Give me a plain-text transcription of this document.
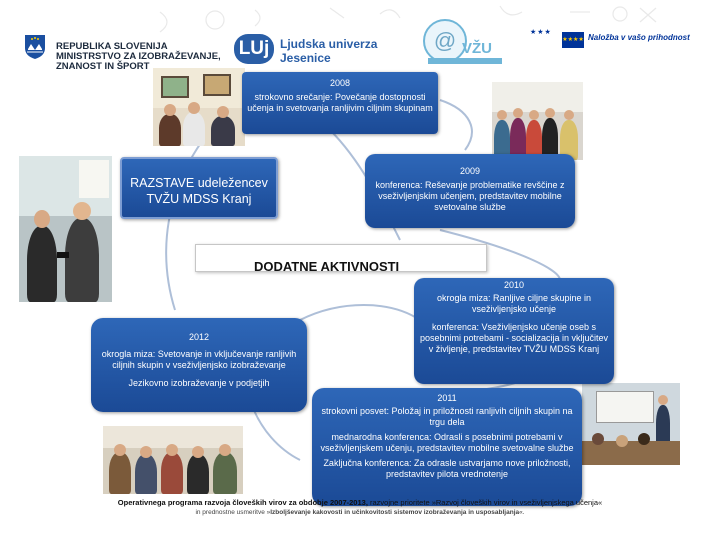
REPUBLIKA SLOVENIJA
MINISTRSTVO ZA IZOBRAŽEVANJE,
ZNANOST IN ŠPORT
LUj Ljudska univerza
Jesenice
@ VŽU
★★★
★★★★ Naložba v vašo prihodnost
2008
strokovno srečanje: Povečanje dostopnosti učenja in svetovanja ranljivim ciljnim skupinam
RAZSTAVE udeležencev TVŽU MDSS Kranj
2009
konferenca: Reševanje problematike revščine z vseživljenjskim učenjem, predstavitev mobilne svetovalne službe
DODATNE AKTIVNOSTI
2010
okrogla miza: Ranljive ciljne skupine in vseživljenjsko učenje
konferenca: Vseživljenjsko učenje oseb s posebnimi potrebami - socializacija in vključitev v življenje, predstavitev TVŽU MDSS Kranj
2012
okrogla miza: Svetovanje in vključevanje ranljivih ciljnih skupin v vseživljenjsko izobraževanje
Jezikovno izobraževanje v podjetjih
2011
strokovni posvet: Položaj in priložnosti ranljivih ciljnih skupin na trgu dela
mednarodna konferenca: Odrasli s posebnimi potrebami v vseživljenjskem učenju, predstavitev mobilne svetovalne službe
Zaključna konferenca: Za odrasle ustvarjamo nove priložnosti, predstavitev pilota vrednotenje
Operativnega programa razvoja človeških virov za obdobje 2007-2013, razvojne prioritete »Razvoj človeških virov in vseživljenjskega učenja«
in prednostne usmeritve »Izboljševanje kakovosti in učinkovitosti sistemov izobraževanja in usposabljanja«.
